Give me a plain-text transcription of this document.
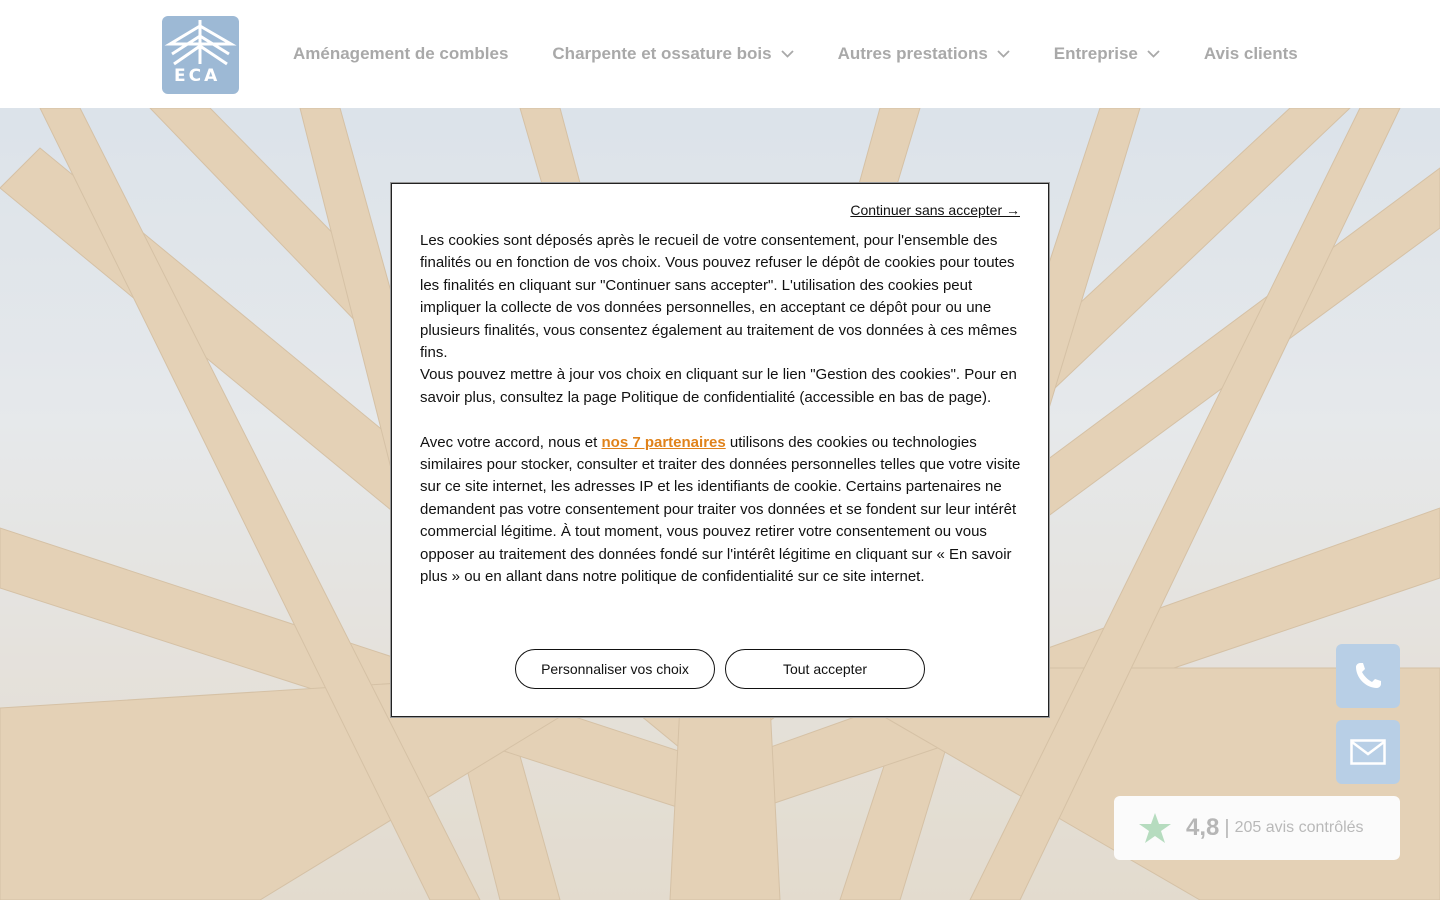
ECA
Aménagement de combles	Charpente et ossature bois	Autres prestations	Entreprise	Avis clients
4,8 | 205 avis contrôlés
Continuer sans accepter →

Les cookies sont déposés après le recueil de votre consentement, pour l'ensemble des finalités ou en fonction de vos choix. Vous pouvez refuser le dépôt de cookies pour toutes les finalités en cliquant sur "Continuer sans accepter". L'utilisation des cookies peut impliquer la collecte de vos données personnelles, en acceptant ce dépôt pour ou une plusieurs finalités, vous consentez également au traitement de vos données à ces mêmes fins.

Vous pouvez mettre à jour vos choix en cliquant sur le lien "Gestion des cookies". Pour en savoir plus, consultez la page Politique de confidentialité (accessible en bas de page).

Avec votre accord, nous et nos 7 partenaires utilisons des cookies ou technologies similaires pour stocker, consulter et traiter des données personnelles telles que votre visite sur ce site internet, les adresses IP et les identifiants de cookie. Certains partenaires ne demandent pas votre consentement pour traiter vos données et se fondent sur leur intérêt commercial légitime. À tout moment, vous pouvez retirer votre consentement ou vous opposer au traitement des données fondé sur l'intérêt légitime en cliquant sur « En savoir plus » ou en allant dans notre politique de confidentialité sur ce site internet.

Personnaliser vos choix	Tout accepter
